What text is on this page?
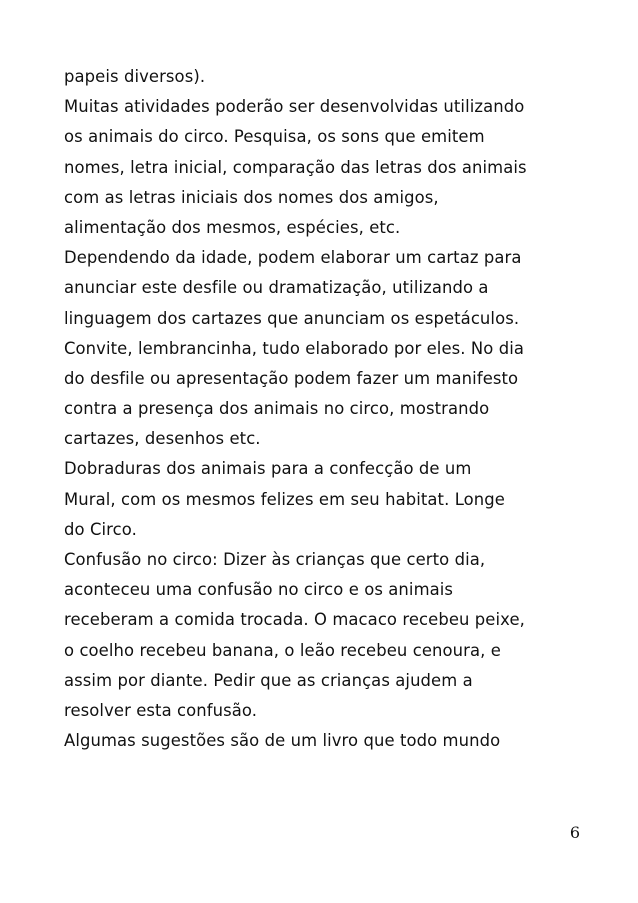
papeis diversos).
Muitas atividades poderão ser desenvolvidas utilizando
os animais do circo. Pesquisa, os sons que emitem
nomes, letra inicial, comparação das letras dos animais
com as letras iniciais dos nomes dos amigos,
alimentação dos mesmos, espécies, etc.
Dependendo da idade, podem elaborar um cartaz para
anunciar este desfile ou dramatização, utilizando a
linguagem dos cartazes que anunciam os espetáculos.
Convite, lembrancinha, tudo elaborado por eles. No dia
do desfile ou apresentação podem fazer um manifesto
contra a presença dos animais no circo, mostrando
cartazes, desenhos etc.
Dobraduras dos animais para a confecção de um
Mural, com os mesmos felizes em seu habitat. Longe
do Circo.
Confusão no circo: Dizer às crianças que certo dia,
aconteceu uma confusão no circo e os animais
receberam a comida trocada. O macaco recebeu peixe,
o coelho recebeu banana, o leão recebeu cenoura, e
assim por diante. Pedir que as crianças ajudem a
resolver esta confusão.
Algumas sugestões são de um livro que todo mundo
6
